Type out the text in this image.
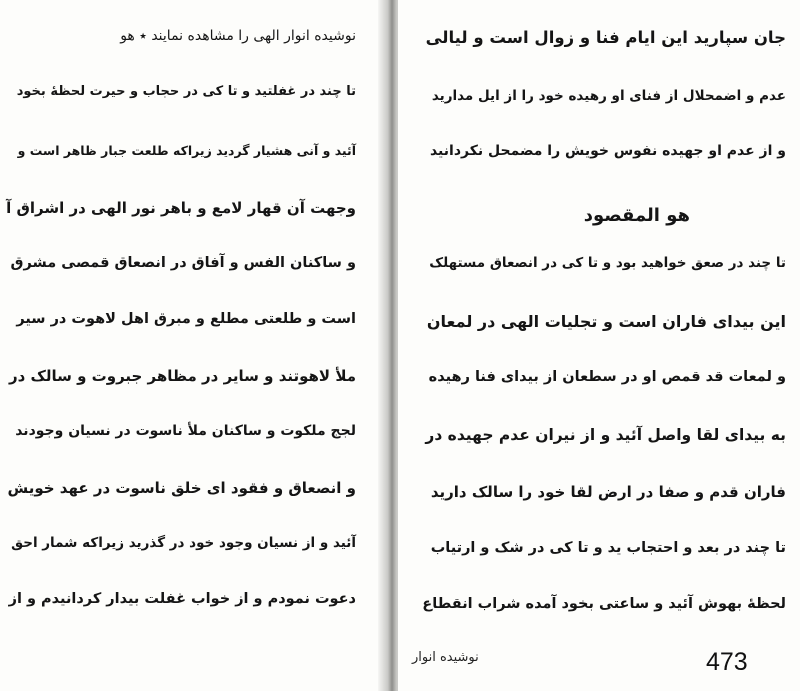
نوشیده انوار الهی را مشاهده نمایند ٭ هو
تا چند در غفلتید و تا کی در حجاب و حیرت لحظهٔ بخود
آئید و آنی هشیار گردید زیراکه طلعت جبار ظاهر است و
وجهت آن قهار لامع و باهر نور الهی در اشراق آ
و ساکنان الفس و آفاق در انصعاق قمصی مشرق
است و طلعتی مطلع و مبرق اهل لاهوت در سیر
ملأ لاهوتند و سایر در مظاهر جبروت و سالک در
لجج ملکوت و ساکنان ملأ ناسوت در نسیان وجودند
و انصعاق و فقود ای خلق ناسوت در عهد خویش
آئید و از نسیان وجود خود در گذرید زیراکه شمار احق
دعوت نمودم و از خواب غفلت بیدار کردانیدم و از
جان سپارید این ایام فنا و زوال است و لیالی
عدم و اضمحلال از فنای او رهیده خود را از ایل مدارید
و از عدم او جهیده نفوس خویش را مضمحل نکردانید
هو المقصود
تا چند در صعق خواهید بود و تا کی در انصعاق مستهلک
این بیدای فاران است و تجلیات الهی در لمعان
و لمعات قد قمص او در سطعان از بیدای فنا رهیده
به بیدای لقا واصل آئید و از نیران عدم جهیده در
فاران قدم و صفا در ارض لقا خود را سالک دارید
تا چند در بعد و احتجاب ید و تا کی در شک و ارتیاب
لحظهٔ بهوش آئید و ساعتی بخود آمده شراب انقطاع
نوشیده انوار	473
